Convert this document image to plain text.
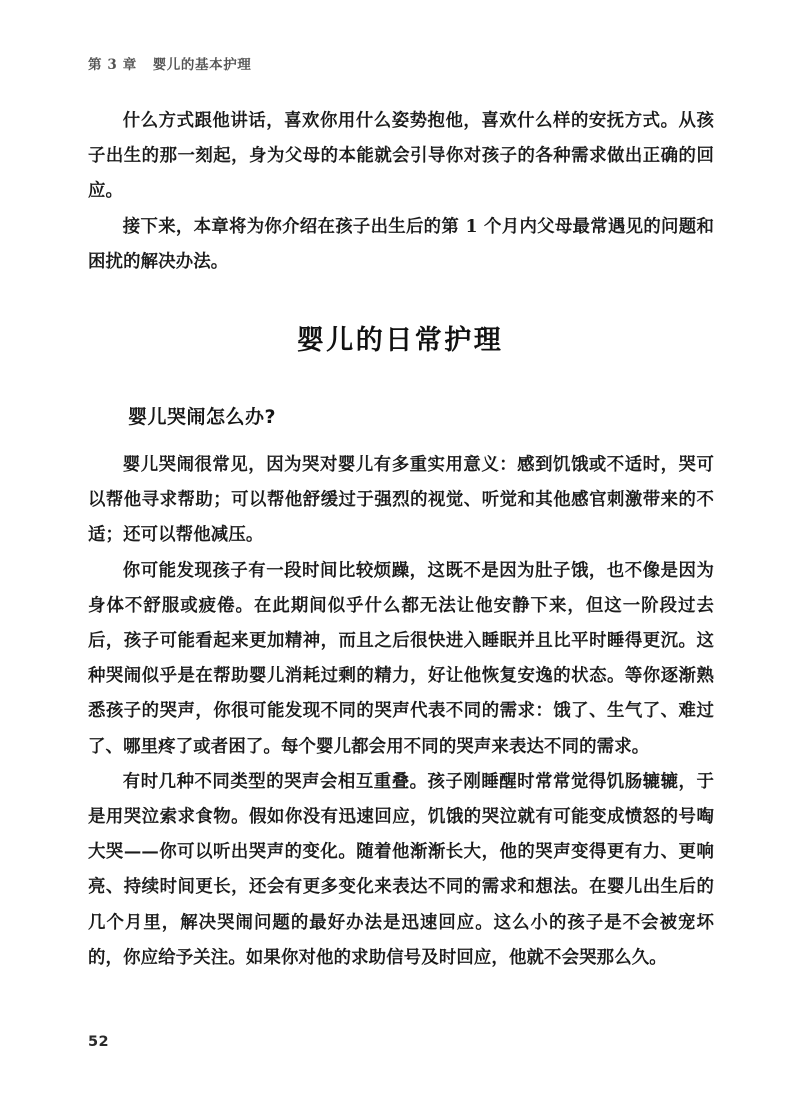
第 3 章   婴儿的基本护理

什么方式跟他讲话，喜欢你用什么姿势抱他，喜欢什么样的安抚方式。从孩子出生的那一刻起，身为父母的本能就会引导你对孩子的各种需求做出正确的回应。

接下来，本章将为你介绍在孩子出生后的第 1 个月内父母最常遇见的问题和困扰的解决办法。

婴儿的日常护理
婴儿哭闹怎么办?

婴儿哭闹很常见，因为哭对婴儿有多重实用意义：感到饥饿或不适时，哭可以帮他寻求帮助；可以帮他舒缓过于强烈的视觉、听觉和其他感官刺激带来的不适；还可以帮他减压。

你可能发现孩子有一段时间比较烦躁，这既不是因为肚子饿，也不像是因为身体不舒服或疲倦。在此期间似乎什么都无法让他安静下来，但这一阶段过去后，孩子可能看起来更加精神，而且之后很快进入睡眠并且比平时睡得更沉。这种哭闹似乎是在帮助婴儿消耗过剩的精力，好让他恢复安逸的状态。等你逐渐熟悉孩子的哭声，你很可能发现不同的哭声代表不同的需求：饿了、生气了、难过了、哪里疼了或者困了。每个婴儿都会用不同的哭声来表达不同的需求。

有时几种不同类型的哭声会相互重叠。孩子刚睡醒时常常觉得饥肠辘辘，于是用哭泣索求食物。假如你没有迅速回应，饥饿的哭泣就有可能变成愤怒的号啕大哭——你可以听出哭声的变化。随着他渐渐长大，他的哭声变得更有力、更响亮、持续时间更长，还会有更多变化来表达不同的需求和想法。在婴儿出生后的几个月里，解决哭闹问题的最好办法是迅速回应。这么小的孩子是不会被宠坏的，你应给予关注。如果你对他的求助信号及时回应，他就不会哭那么久。

52
